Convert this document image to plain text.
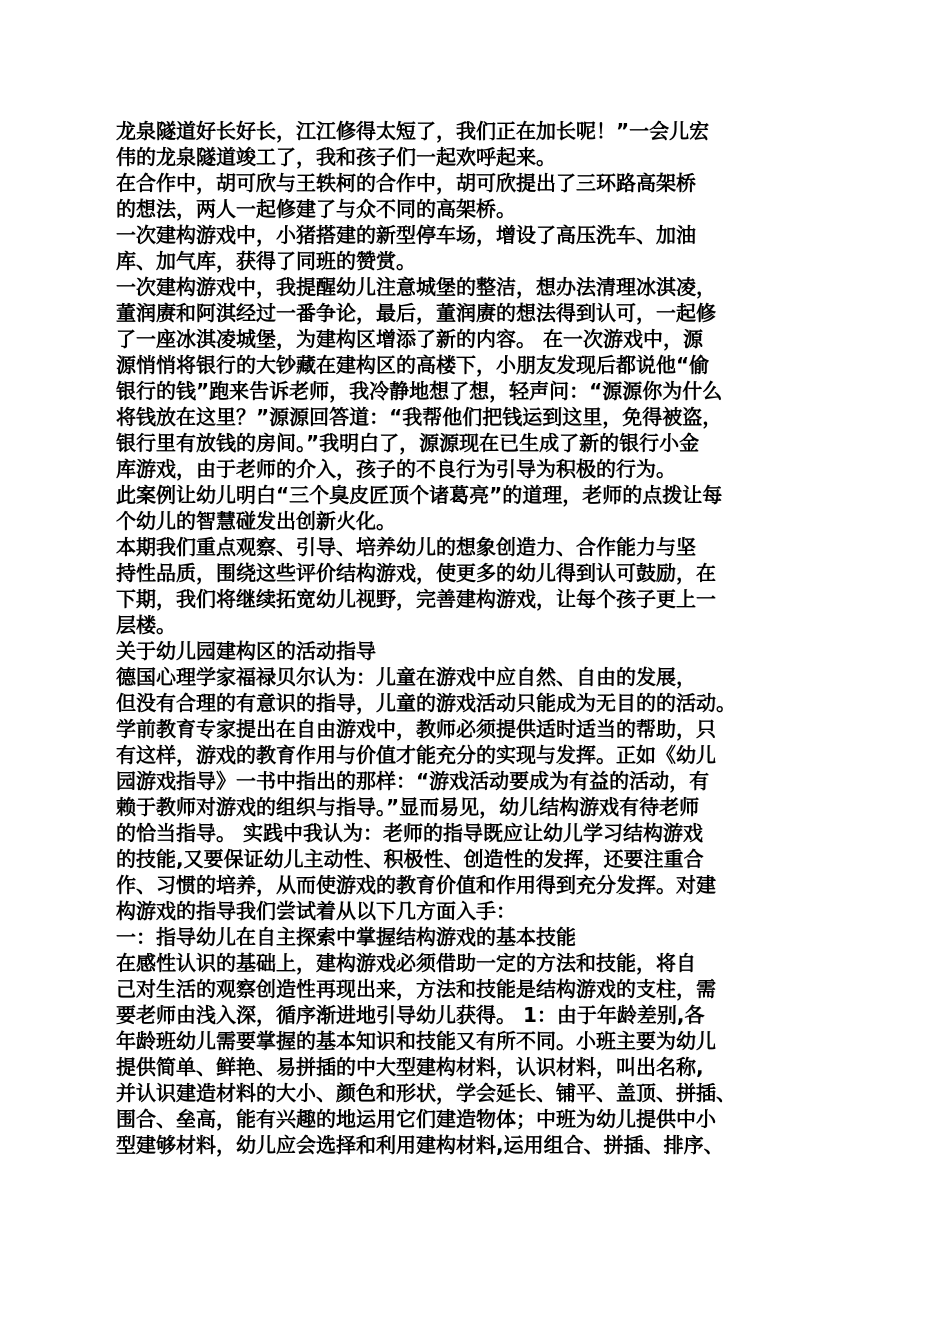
龙泉隧道好长好长，江江修得太短了，我们正在加长呢！”一会儿宏
伟的龙泉隧道竣工了，我和孩子们一起欢呼起来。
在合作中，胡可欣与王轶柯的合作中，胡可欣提出了三环路高架桥
的想法，两人一起修建了与众不同的高架桥。
一次建构游戏中，小猪搭建的新型停车场，增设了高压洗车、加油
库、加气库，获得了同班的赞赏。
一次建构游戏中，我提醒幼儿注意城堡的整洁，想办法清理冰淇凌，
董润赓和阿淇经过一番争论，最后，董润赓的想法得到认可，一起修
了一座冰淇凌城堡，为建构区增添了新的内容。 在一次游戏中，源
源悄悄将银行的大钞藏在建构区的高楼下，小朋友发现后都说他“偷
银行的钱”跑来告诉老师，我冷静地想了想，轻声问：“源源你为什么
将钱放在这里？”源源回答道：“我帮他们把钱运到这里，免得被盗，
银行里有放钱的房间。”我明白了，源源现在已生成了新的银行小金
库游戏，由于老师的介入，孩子的不良行为引导为积极的行为。
此案例让幼儿明白“三个臭皮匠顶个诸葛亮”的道理，老师的点拨让每
个幼儿的智慧碰发出创新火化。
本期我们重点观察、引导、培养幼儿的想象创造力、合作能力与坚
持性品质，围绕这些评价结构游戏，使更多的幼儿得到认可鼓励，在
下期，我们将继续拓宽幼儿视野，完善建构游戏，让每个孩子更上一
层楼。
关于幼儿园建构区的活动指导
德国心理学家福禄贝尔认为：儿童在游戏中应自然、自由的发展，
但没有合理的有意识的指导，儿童的游戏活动只能成为无目的的活动。
学前教育专家提出在自由游戏中，教师必须提供适时适当的帮助，只
有这样，游戏的教育作用与价值才能充分的实现与发挥。正如《幼儿
园游戏指导》一书中指出的那样：“游戏活动要成为有益的活动，有
赖于教师对游戏的组织与指导。”显而易见，幼儿结构游戏有待老师
的恰当指导。 实践中我认为：老师的指导既应让幼儿学习结构游戏
的技能,又要保证幼儿主动性、积极性、创造性的发挥，还要注重合
作、习惯的培养，从而使游戏的教育价值和作用得到充分发挥。对建
构游戏的指导我们尝试着从以下几方面入手：
一：指导幼儿在自主探索中掌握结构游戏的基本技能
在感性认识的基础上，建构游戏必须借助一定的方法和技能，将自
己对生活的观察创造性再现出来，方法和技能是结构游戏的支柱，需
要老师由浅入深，循序渐进地引导幼儿获得。 1：由于年龄差别,各
年龄班幼儿需要掌握的基本知识和技能又有所不同。小班主要为幼儿
提供简单、鲜艳、易拼插的中大型建构材料，认识材料，叫出名称,
并认识建造材料的大小、颜色和形状，学会延长、铺平、盖顶、拼插、
围合、垒高，能有兴趣的地运用它们建造物体；中班为幼儿提供中小
型建够材料，幼儿应会选择和利用建构材料,运用组合、拼插、排序、
